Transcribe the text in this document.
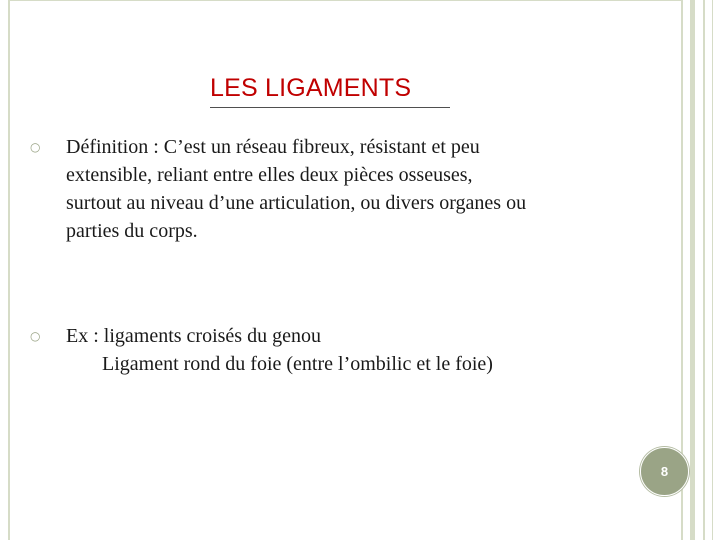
LES LIGAMENTS
○ Définition : C’est un réseau fibreux, résistant et peu
extensible, reliant entre elles deux pièces osseuses,
surtout au niveau d’une articulation, ou divers organes ou
parties du corps.

○ Ex : ligaments croisés du genou
Ligament rond du foie (entre l’ombilic et le foie)

8
